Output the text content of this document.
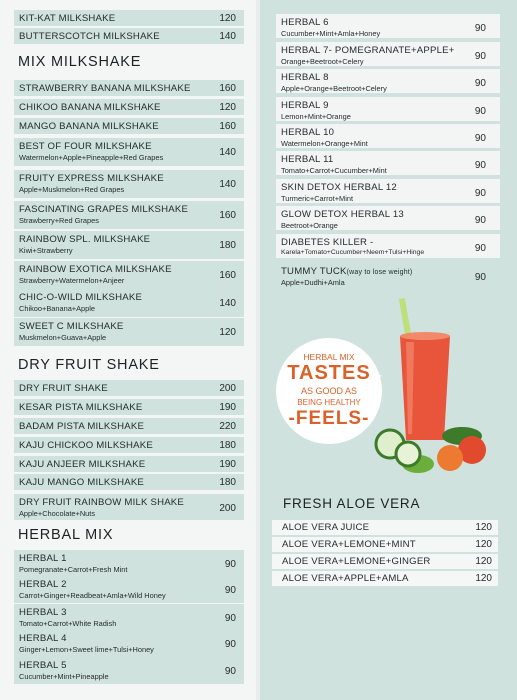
KIT-KAT MILKSHAKE	120
BUTTERSCOTCH MILKSHAKE	140
MIX MILKSHAKE
STRAWBERRY BANANA MILKSHAKE	160
CHIKOO BANANA MILKSHAKE	120
MANGO BANANA MILKSHAKE	160
BEST OF FOUR MILKSHAKE
Watermelon+Apple+Pineapple+Red Grapes	140
FRUITY EXPRESS MILKSHAKE
Apple+Muskmelon+Red Grapes	140
FASCINATING GRAPES MILKSHAKE
Strawberry+Red Grapes	160
RAINBOW SPL. MILKSHAKE
Kiwi+Strawberry	180
RAINBOW EXOTICA MILKSHAKE
Strawberry+Watermelon+Anjeer	160
CHIC-O-WILD MILKSHAKE
Chikoo+Banana+Apple	140
SWEET C MILKSHAKE
Muskmelon+Guava+Apple	120
DRY FRUIT SHAKE
DRY FRUIT SHAKE	200
KESAR PISTA MILKSHAKE	190
BADAM PISTA MILKSHAKE	220
KAJU CHICKOO MILKSHAKE	180
KAJU ANJEER MILKSHAKE	190
KAJU MANGO MILKSHAKE	180
DRY FRUIT RAINBOW MILK SHAKE
Apple+Chocolate+Nuts	200
HERBAL MIX
HERBAL 1
Pomegranate+Carrot+Fresh Mint	90
HERBAL 2
Carrot+Ginger+Readbeat+Amla+Wild Honey	90
HERBAL 3
Tomato+Carrot+White Radish	90
HERBAL 4
Ginger+Lemon+Sweet lime+Tulsi+Honey	90
HERBAL 5
Cucumber+Mint+Pineapple	90
HERBAL 6
Cucumber+Mint+Amla+Honey	90
HERBAL 7- POMEGRANATE+APPLE+
Orange+Beetroot+Celery	90
HERBAL 8
Apple+Orange+Beetroot+Celery	90
HERBAL 9
Lemon+Mint+Orange	90
HERBAL 10
Watermelon+Orange+Mint	90
HERBAL 11
Tomato+Carrot+Cucumber+Mint	90
SKIN DETOX HERBAL 12
Turmeric+Carrot+Mint	90
GLOW DETOX HERBAL 13
Beetroot+Orange	90
DIABETES KILLER -
Karela+Tomato+Cucumber+Neem+Tulsi+Hinge	90
TUMMY TUCK(way to lose weight)
Apple+Dudhi+Amla	90
HERBAL MIX
TASTES
AS GOOD AS
BEING HEALTHY
-FEELS-
FRESH ALOE VERA
ALOE VERA JUICE	120
ALOE VERA+LEMONE+MINT	120
ALOE VERA+LEMONE+GINGER	120
ALOE VERA+APPLE+AMLA	120
